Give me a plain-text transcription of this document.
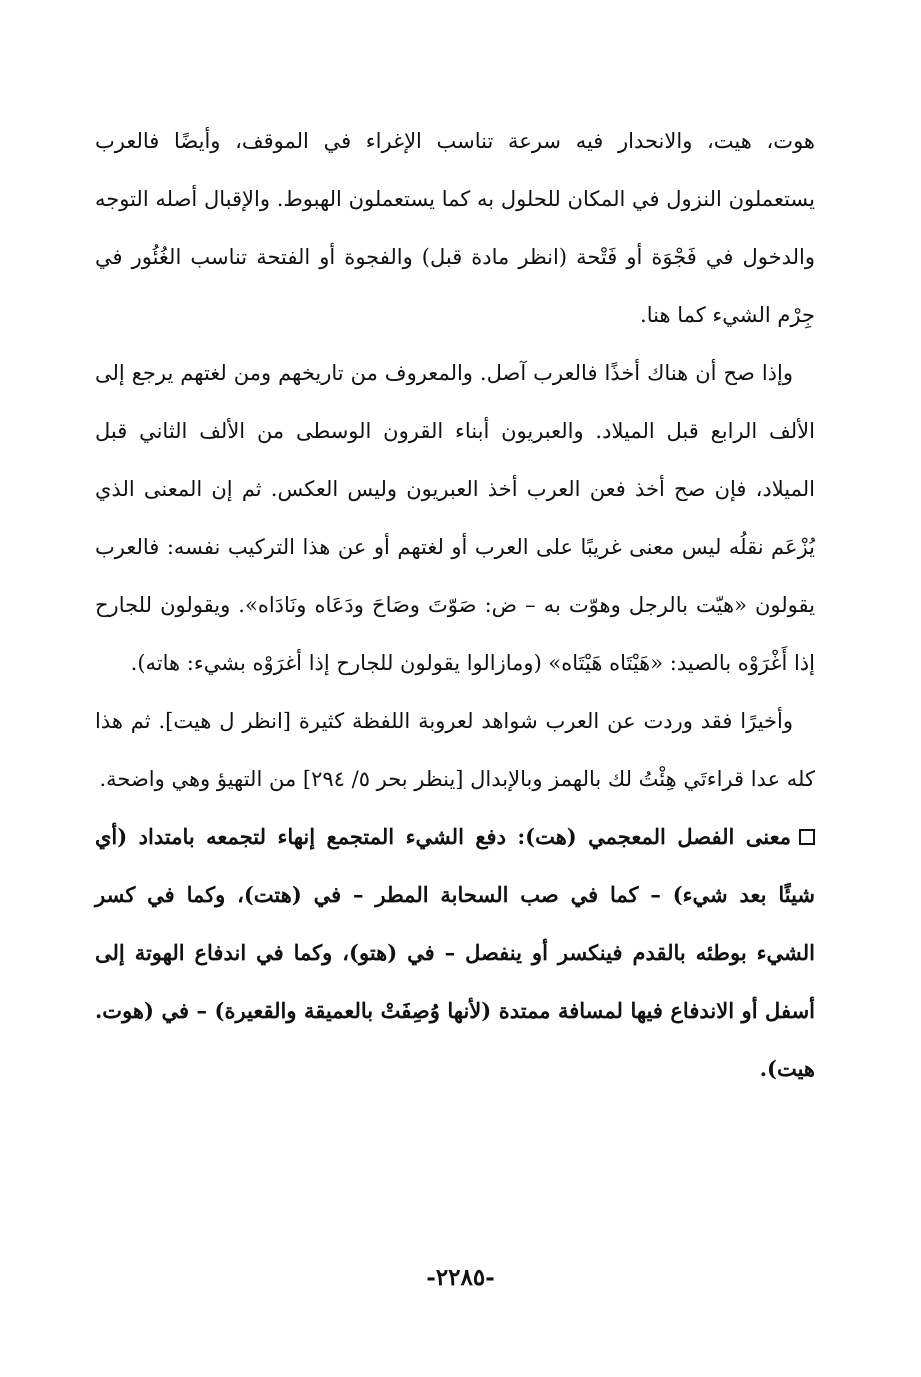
هوت، هيت، والانحدار فيه سرعة تناسب الإغراء في الموقف، وأيضًا فالعرب يستعملون النزول في المكان للحلول به كما يستعملون الهبوط. والإقبال أصله التوجه والدخول في فَجْوَة أو فَتْحة (انظر مادة قبل) والفجوة أو الفتحة تناسب الغُئُور في جِرْم الشيء كما هنا.

وإذا صح أن هناك أخذًا فالعرب آصل. والمعروف من تاريخهم ومن لغتهم يرجع إلى الألف الرابع قبل الميلاد. والعبريون أبناء القرون الوسطى من الألف الثاني قبل الميلاد، فإن صح أخذ فعن العرب أخذ العبريون وليس العكس. ثم إن المعنى الذي يُزْعَم نقلُه ليس معنى غريبًا على العرب أو لغتهم أو عن هذا التركيب نفسه: فالعرب يقولون «هيّت بالرجل وهوّت به – ض: صَوّتَ وصَاحَ ودَعَاه ونَادَاه». ويقولون للجارح إذا أَغْرَوْه بالصيد: «هَيْتَاه هَيْتَاه» (ومازالوا يقولون للجارح إذا أغرَوْه بشيء: هاته).

وأخيرًا فقد وردت عن العرب شواهد لعروبة اللفظة كثيرة [انظر ل هيت]. ثم هذا كله عدا قراءتَي هِئْتُ لك بالهمز وبالإبدال [ينظر بحر ٥/ ٢٩٤] من التهيؤ وهي واضحة.

معنى الفصل المعجمي (هت): دفع الشيء المتجمع إنهاء لتجمعه بامتداد (أي شيئًا بعد شيء) – كما في صب السحابة المطر – في (هتت)، وكما في كسر الشيء بوطئه بالقدم فينكسر أو ينفصل – في (هتو)، وكما في اندفاع الهوتة إلى أسفل أو الاندفاع فيها لمسافة ممتدة (لأنها وُصِفَتْ بالعميقة والقعيرة) – في (هوت. هيت).

-٢٢٨٥-
